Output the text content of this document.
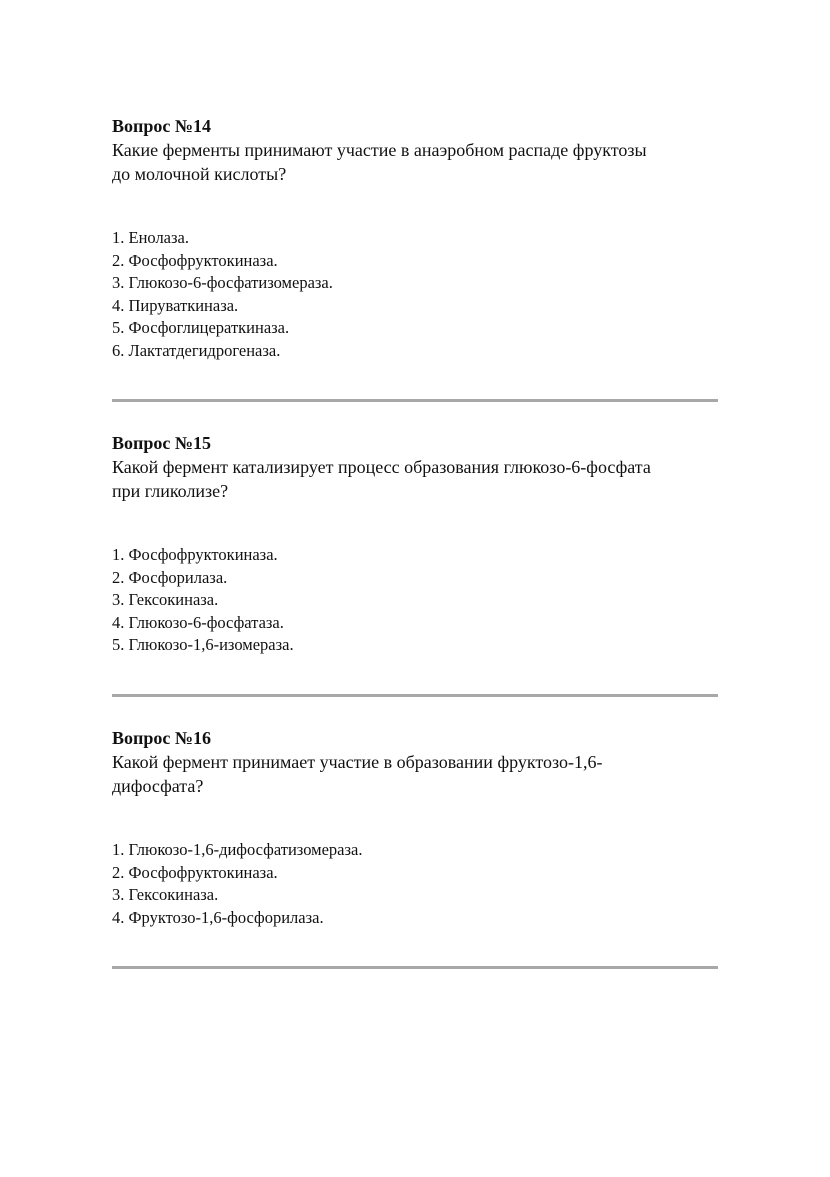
Вопрос №14

Какие ферменты принимают участие в анаэробном распаде фруктозы
до молочной кислоты?

1. Енолаза.
2. Фосфофруктокиназа.
3. Глюкозо-6-фосфатизомераза.
4. Пируваткиназа.
5. Фосфоглицераткиназа.
6. Лактатдегидрогеназа.
Вопрос №15

Какой фермент катализирует процесс образования глюкозо-6-фосфата
при гликолизе?

1. Фосфофруктокиназа.
2. Фосфорилаза.
3. Гексокиназа.
4. Глюкозо-6-фосфатаза.
5. Глюкозо-1,6-изомераза.
Вопрос №16

Какой фермент принимает участие в образовании фруктозо-1,6-
дифосфата?

1. Глюкозо-1,6-дифосфатизомераза.
2. Фосфофруктокиназа.
3. Гексокиназа.
4. Фруктозо-1,6-фосфорилаза.
